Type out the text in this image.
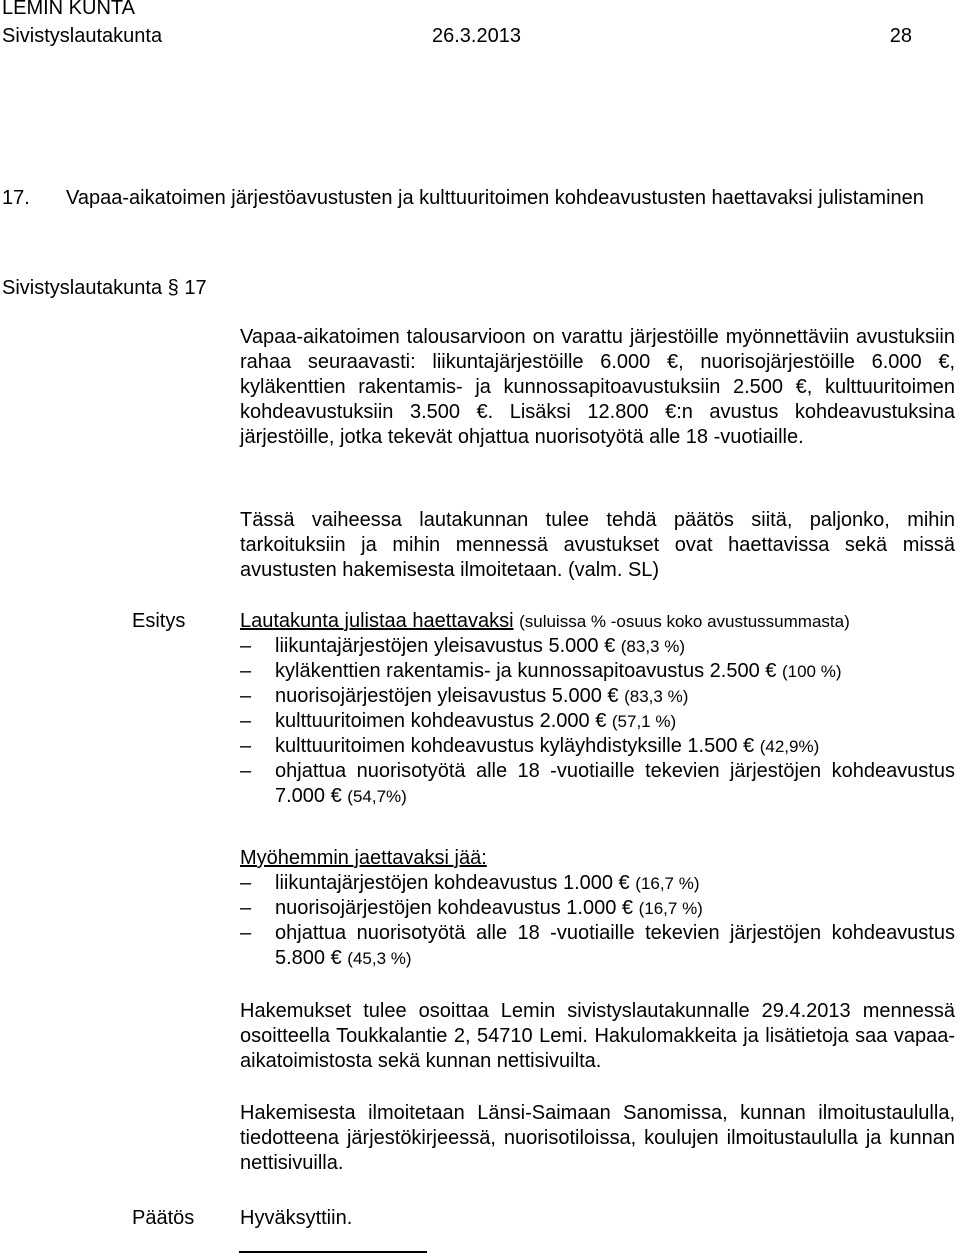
LEMIN KUNTA
Sivistyslautakunta	26.3.2013	28
17. Vapaa-aikatoimen järjestöavustusten ja kulttuuritoimen kohdeavustusten haettavaksi julistaminen
Sivistyslautakunta § 17

Vapaa-aikatoimen talousarvioon on varattu järjestöille myönnettäviin avustuksiin rahaa seuraavasti: liikuntajärjestöille 6.000 €, nuorisojärjestöille 6.000 €, kyläkenttien rakentamis- ja kunnossapitoavustuksiin 2.500 €, kulttuuritoimen kohdeavustuksiin 3.500 €. Lisäksi 12.800 €:n avustus kohdeavustuksina järjestöille, jotka tekevät ohjattua nuorisotyötä alle 18 -vuotiaille.

Tässä vaiheessa lautakunnan tulee tehdä päätös siitä, paljonko, mihin tarkoituksiin ja mihin mennessä avustukset ovat haettavissa sekä missä avustusten hakemisesta ilmoitetaan. (valm. SL)

Esitys	Lautakunta julistaa haettavaksi (suluissa % -osuus koko avustussummasta)
– liikuntajärjestöjen yleisavustus 5.000 € (83,3 %)
– kyläkenttien rakentamis- ja kunnossapitoavustus 2.500 € (100 %)
– nuorisojärjestöjen yleisavustus 5.000 € (83,3 %)
– kulttuuritoimen kohdeavustus 2.000 € (57,1 %)
– kulttuuritoimen kohdeavustus kyläyhdistyksille 1.500 € (42,9%)
– ohjattua nuorisotyötä alle 18 -vuotiaille tekevien järjestöjen kohdeavustus 7.000 € (54,7%)
Myöhemmin jaettavaksi jää:
– liikuntajärjestöjen kohdeavustus 1.000 € (16,7 %)
– nuorisojärjestöjen kohdeavustus 1.000 € (16,7 %)
– ohjattua nuorisotyötä alle 18 -vuotiaille tekevien järjestöjen kohdeavustus 5.800 € (45,3 %)

Hakemukset tulee osoittaa Lemin sivistyslautakunnalle 29.4.2013 mennessä osoitteella Toukkalantie 2, 54710 Lemi. Hakulomakkeita ja lisätietoja saa vapaa-aikatoimistosta sekä kunnan nettisivuilta.

Hakemisesta ilmoitetaan Länsi-Saimaan Sanomissa, kunnan ilmoitustaululla, tiedotteena järjestökirjeessä, nuorisotiloissa, koulujen ilmoitustaululla ja kunnan nettisivuilla.

Päätös Hyväksyttiin.
